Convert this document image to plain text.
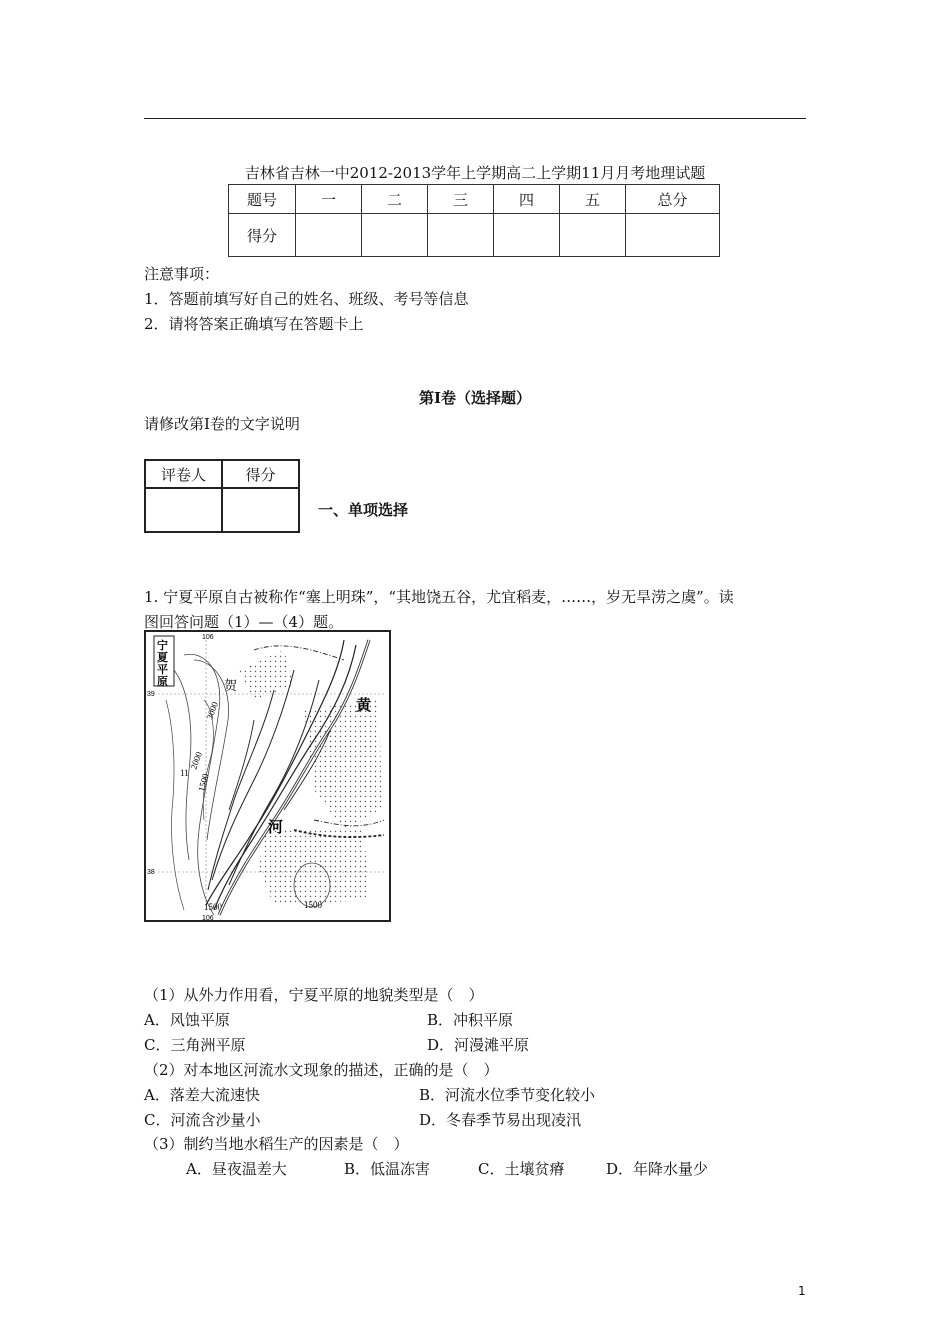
吉林省吉林一中2012-2013学年上学期高二上学期11月月考地理试题
题号	一	二	三	四	五	总分
得分						
注意事项：
1．答题前填写好自己的姓名、班级、考号等信息
2．请将答案正确填写在答题卡上
第I卷（选择题）
请修改第I卷的文字说明
评卷人	得分

一、单项选择
1. 宁夏平原自古被称作“塞上明珠”，“其地饶五谷，尤宜稻麦，……，岁无旱涝之虞”。读
图回答问题（1）—（4）题。
宁
夏
平
原
106
106
39
38
3000
2000
1500
1500	1500
11
贺
黄
河
（1）从外力作用看，宁夏平原的地貌类型是（　）
A．风蚀平原	B．冲积平原
C．三角洲平原	D．河漫滩平原
（2）对本地区河流水文现象的描述，正确的是（　）
A．落差大流速快	B．河流水位季节变化较小
C．河流含沙量小	D．冬春季节易出现凌汛
（3）制约当地水稻生产的因素是（　）
A．昼夜温差大	B．低温冻害	C．土壤贫瘠	D．年降水量少
1
